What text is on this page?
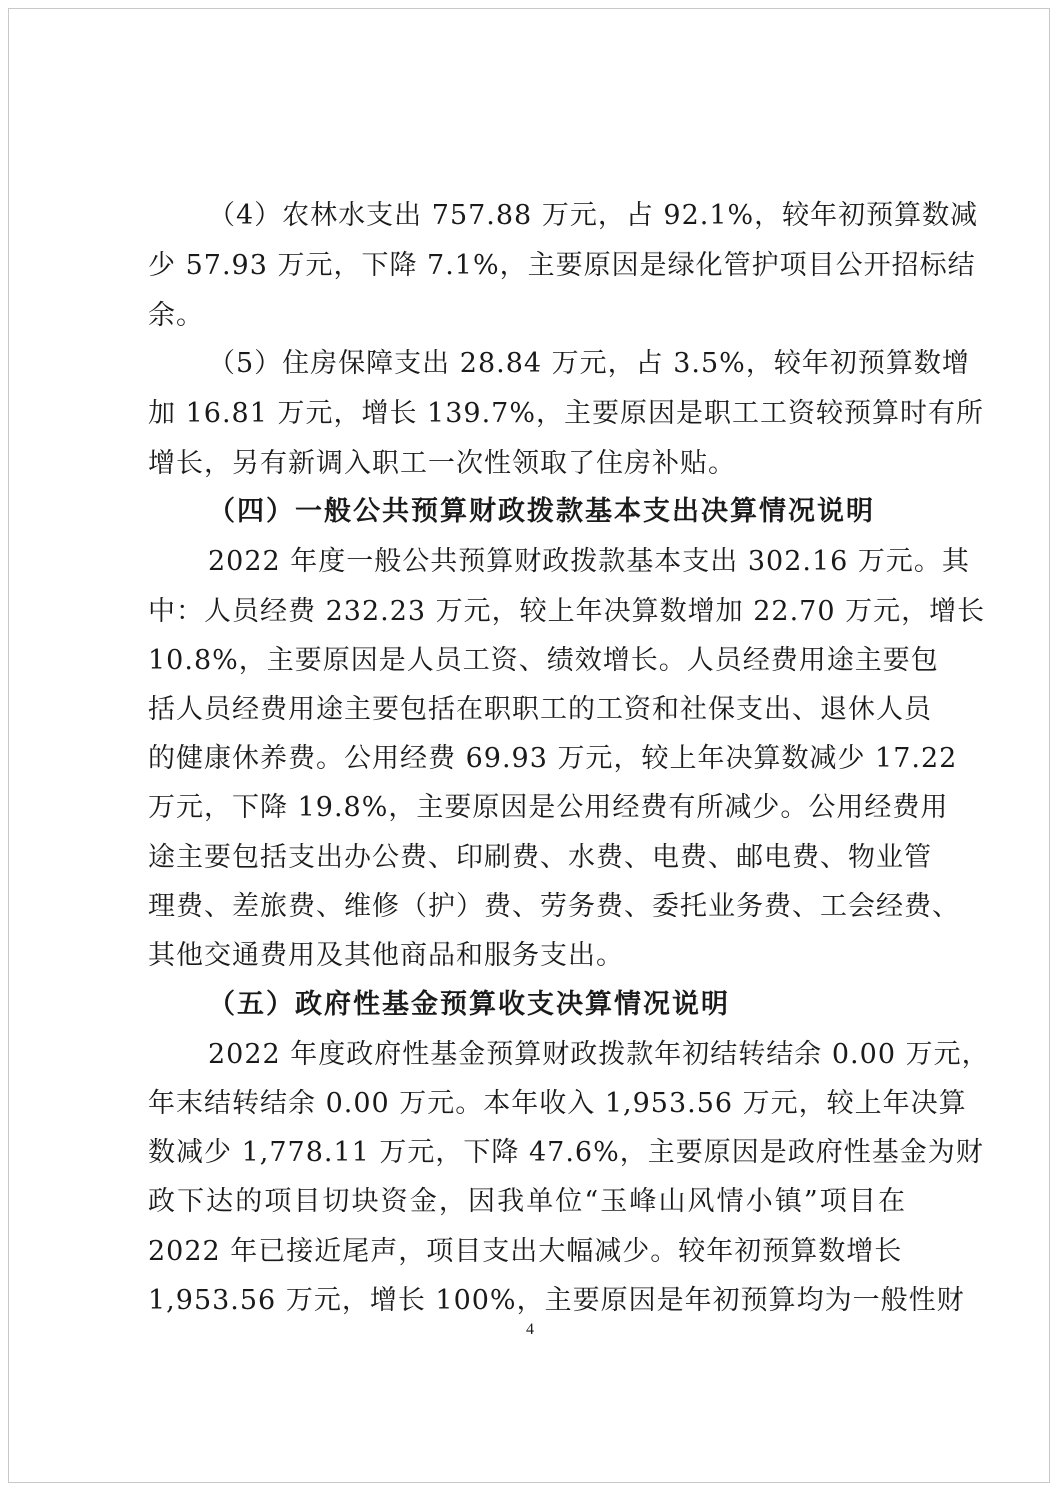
（4）农林水支出 757.88 万元，占 92.1%，较年初预算数减
少 57.93 万元，下降 7.1%，主要原因是绿化管护项目公开招标结
余。
（5）住房保障支出 28.84 万元，占 3.5%，较年初预算数增
加 16.81 万元，增长 139.7%，主要原因是职工工资较预算时有所
增长，另有新调入职工一次性领取了住房补贴。
（四）一般公共预算财政拨款基本支出决算情况说明
2022 年度一般公共预算财政拨款基本支出 302.16 万元。其
中：人员经费 232.23 万元，较上年决算数增加 22.70 万元，增长
10.8%，主要原因是人员工资、绩效增长。人员经费用途主要包
括人员经费用途主要包括在职职工的工资和社保支出、退休人员
的健康休养费。公用经费 69.93 万元，较上年决算数减少 17.22
万元，下降 19.8%，主要原因是公用经费有所减少。公用经费用
途主要包括支出办公费、印刷费、水费、电费、邮电费、物业管
理费、差旅费、维修（护）费、劳务费、委托业务费、工会经费、
其他交通费用及其他商品和服务支出。
（五）政府性基金预算收支决算情况说明
2022 年度政府性基金预算财政拨款年初结转结余 0.00 万元，
年末结转结余 0.00 万元。本年收入 1,953.56 万元，较上年决算
数减少 1,778.11 万元，下降 47.6%，主要原因是政府性基金为财
政下达的项目切块资金，因我单位“玉峰山风情小镇”项目在
2022 年已接近尾声，项目支出大幅减少。较年初预算数增长
1,953.56 万元，增长 100%，主要原因是年初预算均为一般性财
4
